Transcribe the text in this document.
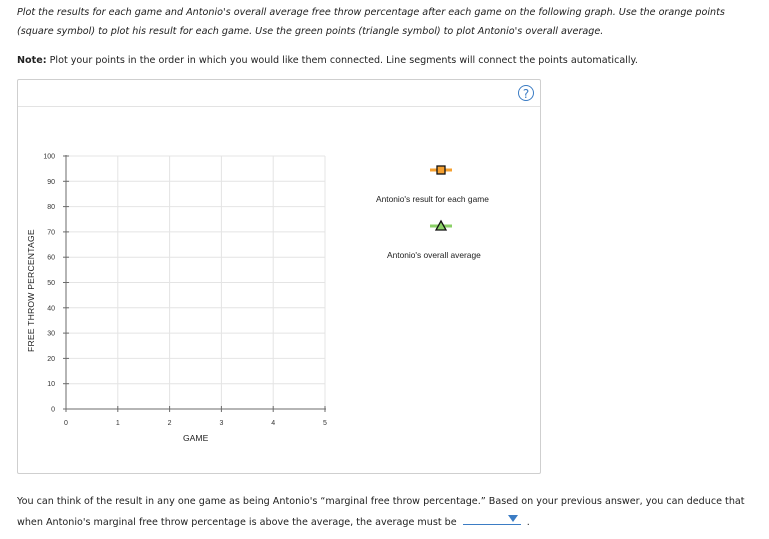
Plot the results for each game and Antonio's overall average free throw percentage after each game on the following graph. Use the orange points (square symbol) to plot his result for each game. Use the green points (triangle symbol) to plot Antonio's overall average.
Note: Plot your points in the order in which you would like them connected. Line segments will connect the points automatically.
?
0
10
20
30
40
50
60
70
80
90
100
0	1	2	3	4	5
FREE THROW PERCENTAGE
GAME
Antonio's result for each game
Antonio's overall average
You can think of the result in any one game as being Antonio's “marginal free throw percentage.” Based on your previous answer, you can deduce that
when Antonio's marginal free throw percentage is above the average, the average must be	.
